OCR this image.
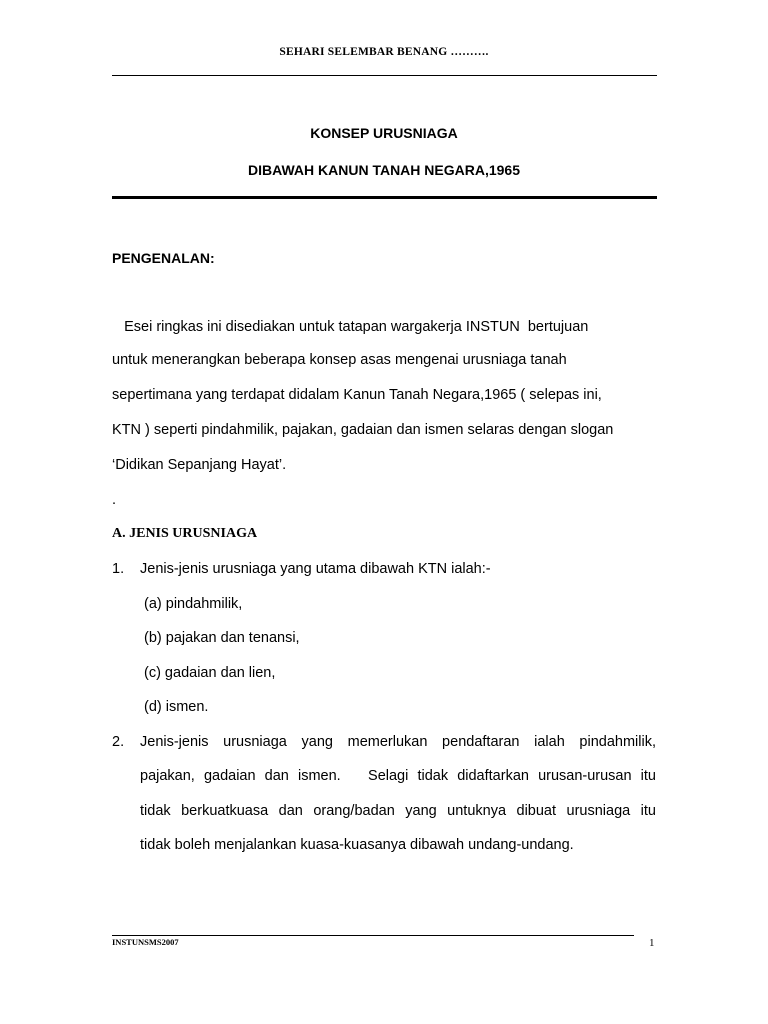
SEHARI SELEMBAR BENANG ……….
KONSEP URUSNIAGA
DIBAWAH KANUN TANAH NEGARA,1965
PENGENALAN:
Esei ringkas ini disediakan untuk tatapan wargakerja INSTUN  bertujuan
untuk menerangkan beberapa konsep asas mengenai urusniaga tanah
sepertimana yang terdapat didalam Kanun Tanah Negara,1965 ( selepas ini,
KTN ) seperti pindahmilik, pajakan, gadaian dan ismen selaras dengan slogan
‘Didikan Sepanjang Hayat’.
.
A. JENIS URUSNIAGA
1. Jenis-jenis urusniaga yang utama dibawah KTN ialah:-
(a) pindahmilik,
(b) pajakan dan tenansi,
(c) gadaian dan lien,
(d) ismen.
2. Jenis-jenis urusniaga yang memerlukan pendaftaran ialah pindahmilik,
pajakan, gadaian dan ismen.   Selagi tidak didaftarkan urusan-urusan itu
tidak berkuatkuasa dan orang/badan yang untuknya dibuat urusniaga itu
tidak boleh menjalankan kuasa-kuasanya dibawah undang-undang.
INSTUNSMS2007	1
